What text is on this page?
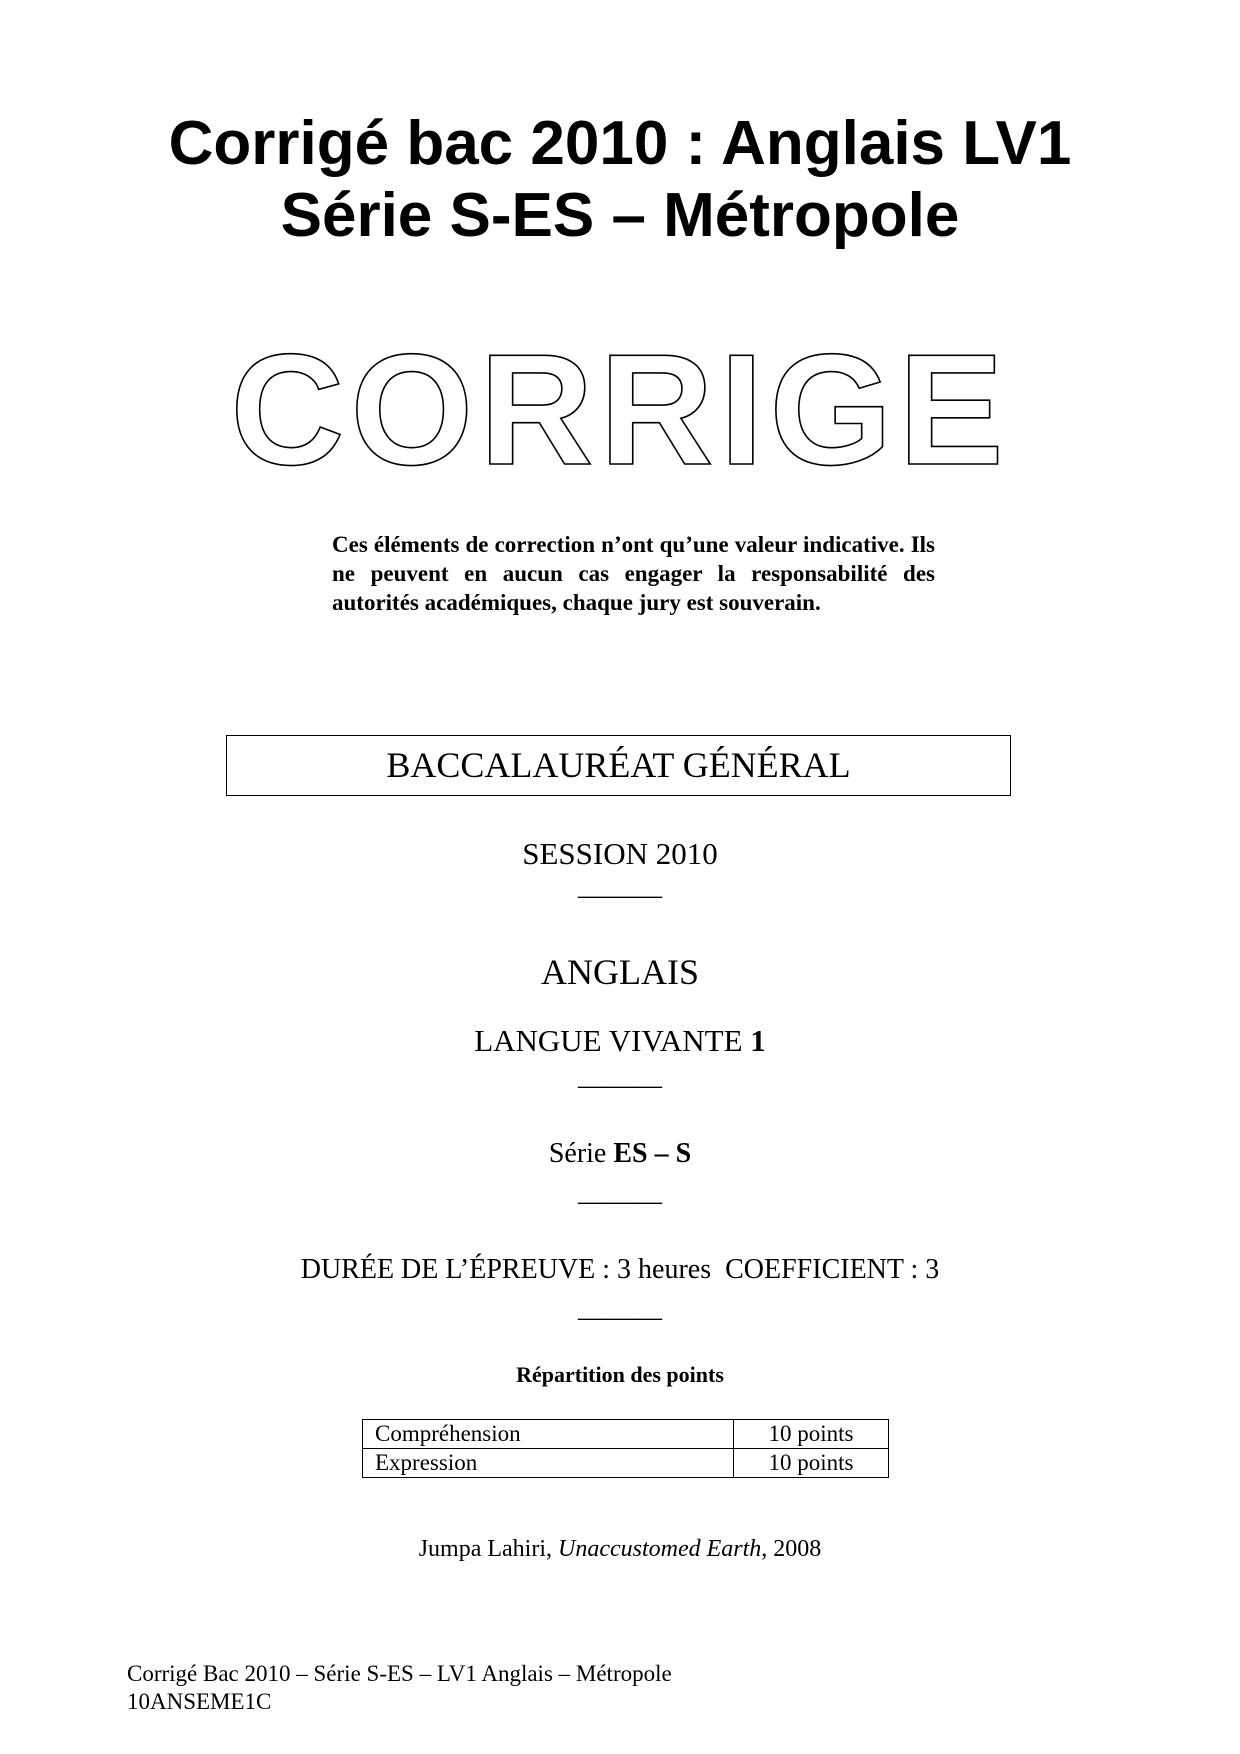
Corrigé bac 2010 : Anglais LV1
Série S-ES – Métropole
CORRIGE
Ces éléments de correction n’ont qu’une valeur indicative. Ils ne peuvent en aucun cas engager la responsabilité des autorités académiques, chaque jury est souverain.
BACCALAURÉAT GÉNÉRAL
SESSION 2010
———
ANGLAIS
LANGUE VIVANTE 1
———
Série ES – S
———
DURÉE DE L’ÉPREUVE : 3 heures  COEFFICIENT : 3
———
Répartition des points
Compréhension	10 points
Expression	10 points
Jumpa Lahiri, Unaccustomed Earth, 2008
Corrigé Bac 2010 – Série S-ES – LV1 Anglais – Métropole
10ANSEME1C
